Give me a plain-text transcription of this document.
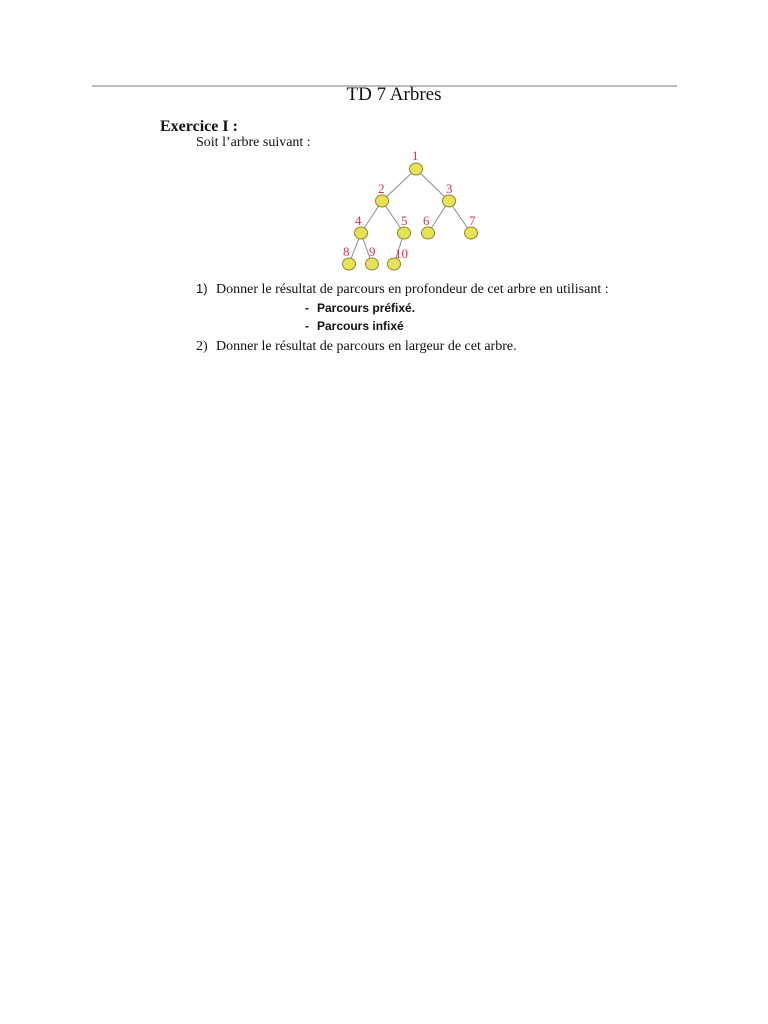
TD 7 Arbres
Exercice I :
Soit l’arbre suivant :
1
2	3
4	5 6	7
8 9 10
1) Donner le résultat de parcours en profondeur de cet arbre en utilisant :
- Parcours préfixé.
- Parcours infixé
2) Donner le résultat de parcours en largeur de cet arbre.
